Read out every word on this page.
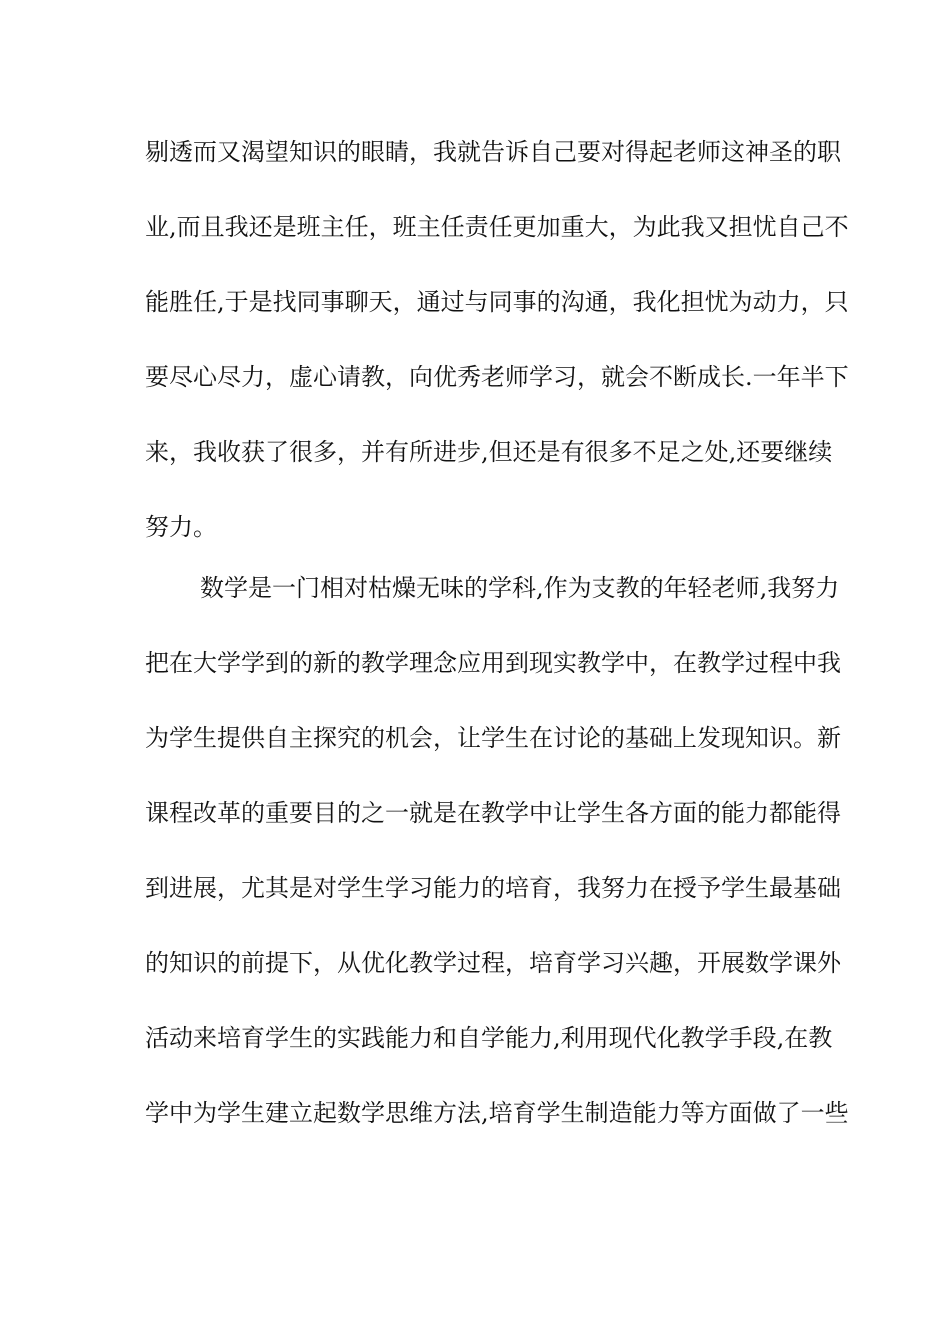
剔透而又渴望知识的眼睛，我就告诉自己要对得起老师这神圣的职
业,而且我还是班主任，班主任责任更加重大，为此我又担忧自己不
能胜任,于是找同事聊天，通过与同事的沟通，我化担忧为动力，只
要尽心尽力，虚心请教，向优秀老师学习，就会不断成长.一年半下
来，我收获了很多，并有所进步,但还是有很多不足之处,还要继续
努力。
数学是一门相对枯燥无味的学科,作为支教的年轻老师,我努力
把在大学学到的新的教学理念应用到现实教学中，在教学过程中我
为学生提供自主探究的机会，让学生在讨论的基础上发现知识。新
课程改革的重要目的之一就是在教学中让学生各方面的能力都能得
到进展，尤其是对学生学习能力的培育，我努力在授予学生最基础
的知识的前提下，从优化教学过程，培育学习兴趣，开展数学课外
活动来培育学生的实践能力和自学能力,利用现代化教学手段,在教
学中为学生建立起数学思维方法,培育学生制造能力等方面做了一些
